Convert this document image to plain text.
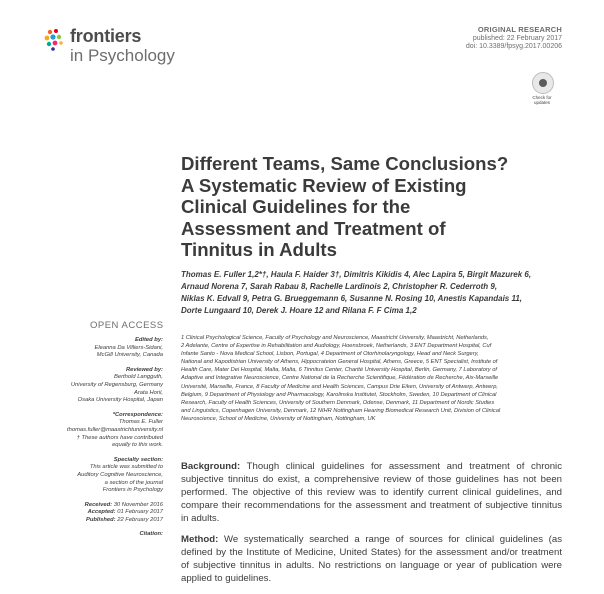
frontiers
in Psychology
ORIGINAL RESEARCH
published: 22 February 2017
doi: 10.3389/fpsyg.2017.00206
Check for updates
Different Teams, Same Conclusions?
A Systematic Review of Existing
Clinical Guidelines for the
Assessment and Treatment of
Tinnitus in Adults
Thomas E. Fuller 1,2*†, Haula F. Haider 3†, Dimitris Kikidis 4, Alec Lapira 5, Birgit Mazurek 6,
Arnaud Norena 7, Sarah Rabau 8, Rachelle Lardinois 2, Christopher R. Cederroth 9,
Niklas K. Edvall 9, Petra G. Brueggemann 6, Susanne N. Rosing 10, Anestis Kapandais 11,
Dorte Lungaard 10, Derek J. Hoare 12 and Rilana F. F Cima 1,2
1 Clinical Psychological Science, Faculty of Psychology and Neuroscience, Maastricht University, Maastricht, Netherlands,
2 Adelante, Centre of Expertise in Rehabilitation and Audiology, Hoensbroek, Netherlands, 3 ENT Department Hospital, Cuf
Infante Santo - Nova Medical School, Lisbon, Portugal, 4 Department of Otorhinolaryngology, Head and Neck Surgery,
National and Kapodistrian University of Athens, Hippocrateion General Hospital, Athens, Greece, 5 ENT Specialist, Institute of
Health Care, Mater Dei Hospital, Malta, Malta, 6 Tinnitus Center, Charité University Hospital, Berlin, Germany, 7 Laboratory of
Adaptive and Integrative Neuroscience, Centre National de la Recherche Scientifique, Fédération de Recherche, Aix-Marseille
Université, Marseille, France, 8 Faculty of Medicine and Health Sciences, Campus Drie Eiken, University of Antwerp, Antwerp,
Belgium, 9 Department of Physiology and Pharmacology, Karolinska Institutet, Stockholm, Sweden, 10 Department of Clinical
Research, Faculty of Health Sciences, University of Southern Denmark, Odense, Denmark, 11 Department of Nordic Studies
and Linguistics, Copenhagen University, Denmark, 12 NIHR Nottingham Hearing Biomedical Research Unit, Division of Clinical
Neuroscience, School of Medicine, University of Nottingham, Nottingham, UK
OPEN ACCESS
Edited by:
Eleanna Da Villiers-Sidani,
McGill University, Canada
Reviewed by:
Berthold Langguth,
University of Regensburg, Germany
Arata Horii,
Osaka University Hospital, Japan
*Correspondence:
Thomas E. Fuller
thomas.fuller@maastrichtuniversity.nl
† These authors have contributed
equally to this work.
Specialty section:
This article was submitted to
Auditory Cognitive Neuroscience,
a section of the journal
Frontiers in Psychology
Received: 30 November 2016
Accepted: 01 February 2017
Published: 22 February 2017
Citation:

Background: Though clinical guidelines for assessment and treatment of chronic subjective tinnitus do exist, a comprehensive review of those guidelines has not been performed. The objective of this review was to identify current clinical guidelines, and compare their recommendations for the assessment and treatment of subjective tinnitus in adults.

Method: We systematically searched a range of sources for clinical guidelines (as defined by the Institute of Medicine, United States) for the assessment and/or treatment of subjective tinnitus in adults. No restrictions on language or year of publication were applied to guidelines.
